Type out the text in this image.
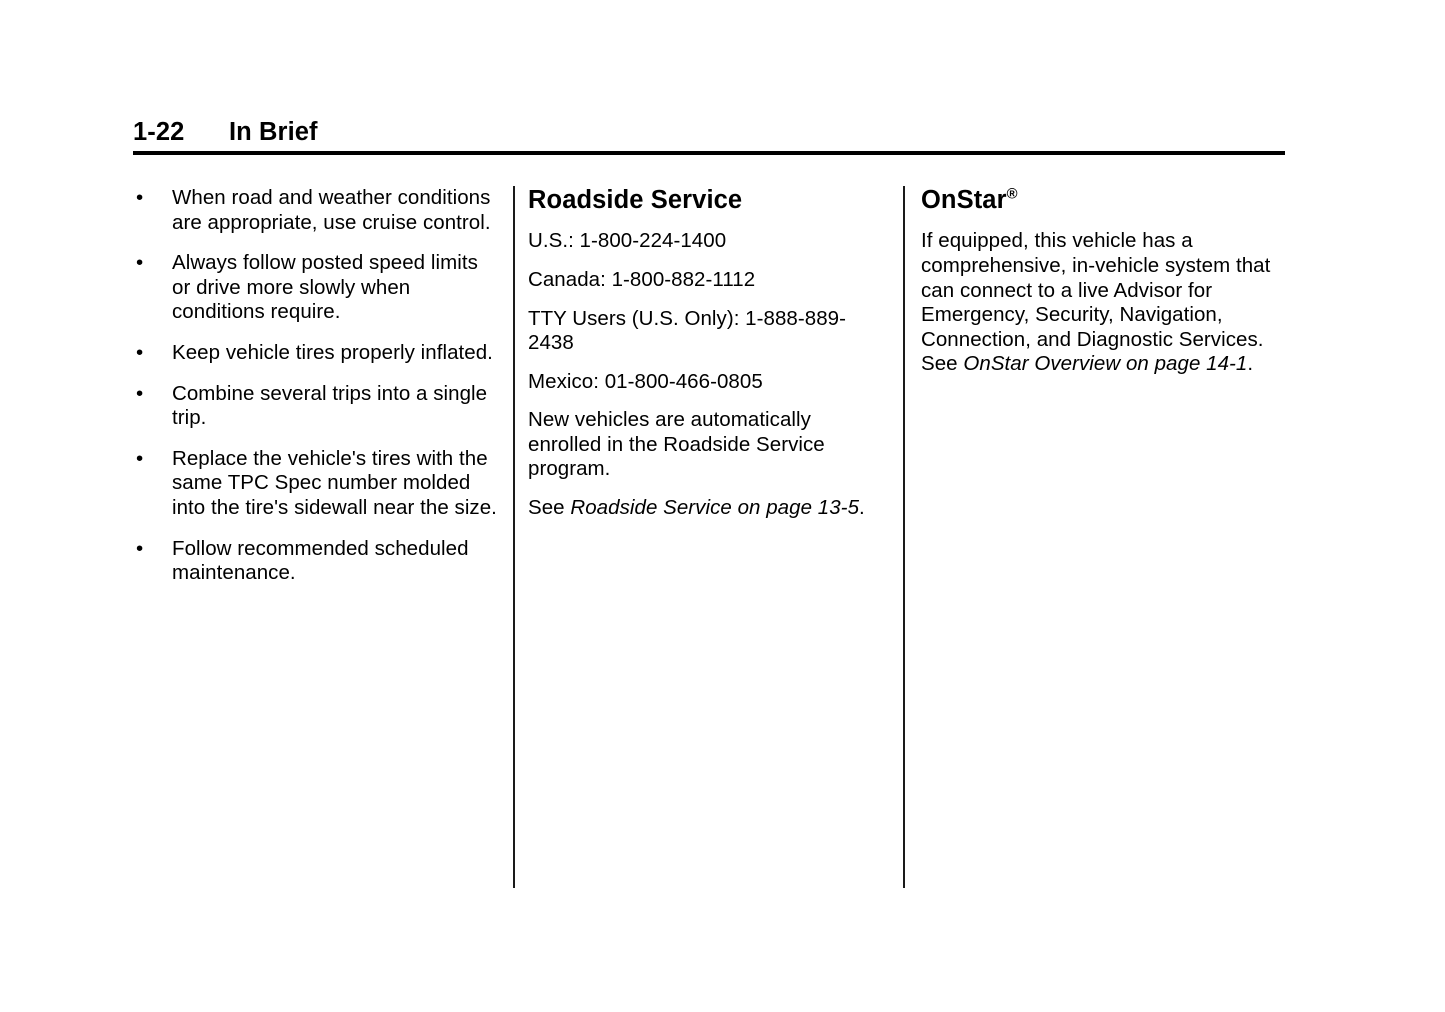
1-22	In Brief
• When road and weather conditions are appropriate, use cruise control.
• Always follow posted speed limits or drive more slowly when conditions require.
• Keep vehicle tires properly inflated.
• Combine several trips into a single trip.
• Replace the vehicle's tires with the same TPC Spec number molded into the tire's sidewall near the size.
• Follow recommended scheduled maintenance.
Roadside Service

U.S.: 1-800-224-1400

Canada: 1-800-882-1112

TTY Users (U.S. Only): 1-888-889-2438

Mexico: 01-800-466-0805

New vehicles are automatically enrolled in the Roadside Service program.

See Roadside Service on page 13-5.

OnStar®

If equipped, this vehicle has a comprehensive, in-vehicle system that can connect to a live Advisor for Emergency, Security, Navigation, Connection, and Diagnostic Services. See OnStar Overview on page 14-1.
